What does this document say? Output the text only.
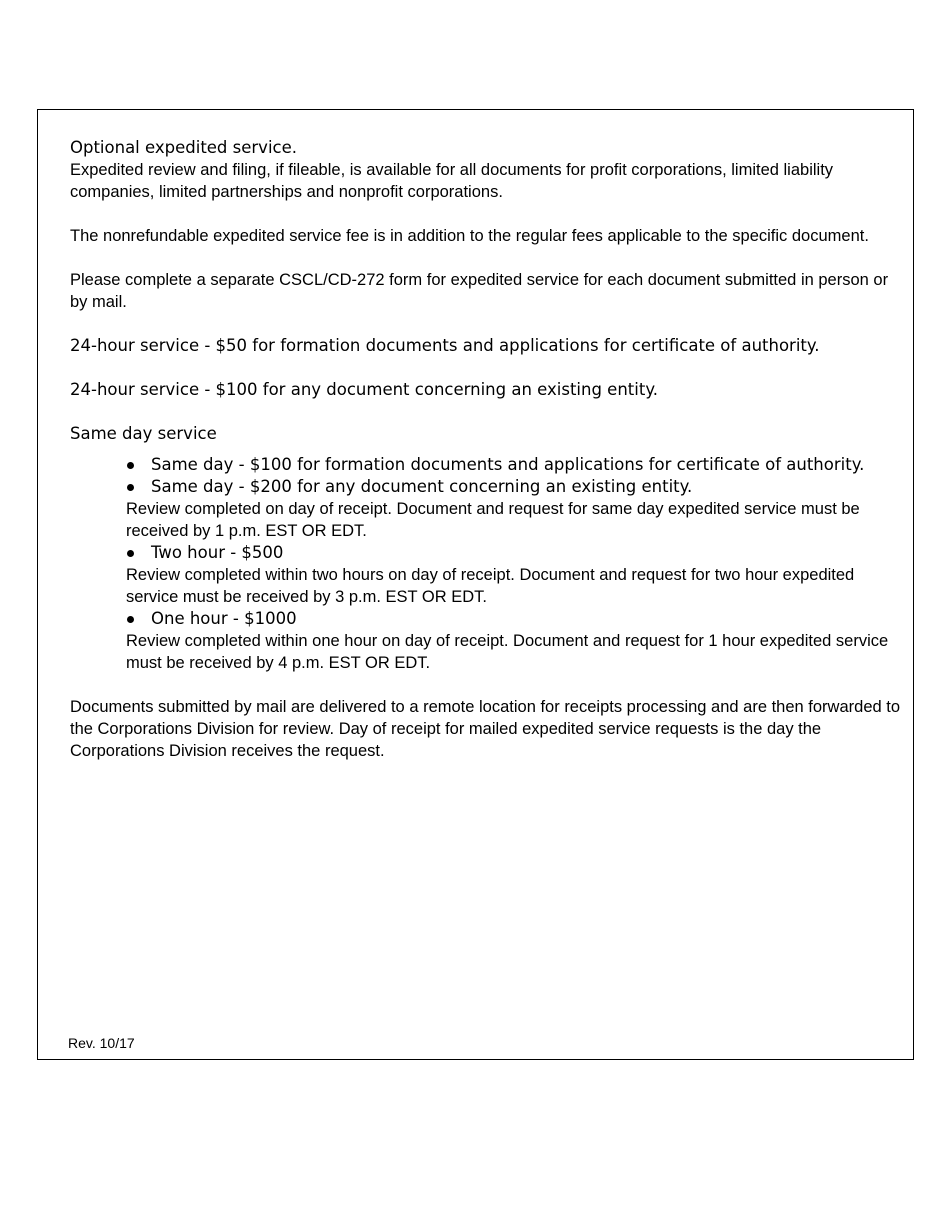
Optional expedited service.

Expedited review and filing, if fileable, is available for all documents for profit corporations, limited liability companies, limited partnerships and nonprofit corporations.

The nonrefundable expedited service fee is in addition to the regular fees applicable to the specific document.

Please complete a separate CSCL/CD-272 form for expedited service for each document submitted in person or by mail.

24-hour service - $50 for formation documents and applications for certificate of authority.

24-hour service - $100 for any document concerning an existing entity.

Same day service

Same day - $100 for formation documents and applications for certificate of authority.

Same day - $200 for any document concerning an existing entity.

Review completed on day of receipt. Document and request for same day expedited service must be received by 1 p.m. EST OR EDT.

Two hour - $500

Review completed within two hours on day of receipt. Document and request for two hour expedited service must be received by 3 p.m. EST OR EDT.

One hour - $1000

Review completed within one hour on day of receipt. Document and request for 1 hour expedited service must be received by 4 p.m. EST OR EDT.

Documents submitted by mail are delivered to a remote location for receipts processing and are then forwarded to the Corporations Division for review. Day of receipt for mailed expedited service requests is the day the Corporations Division receives the request.

Rev. 10/17
